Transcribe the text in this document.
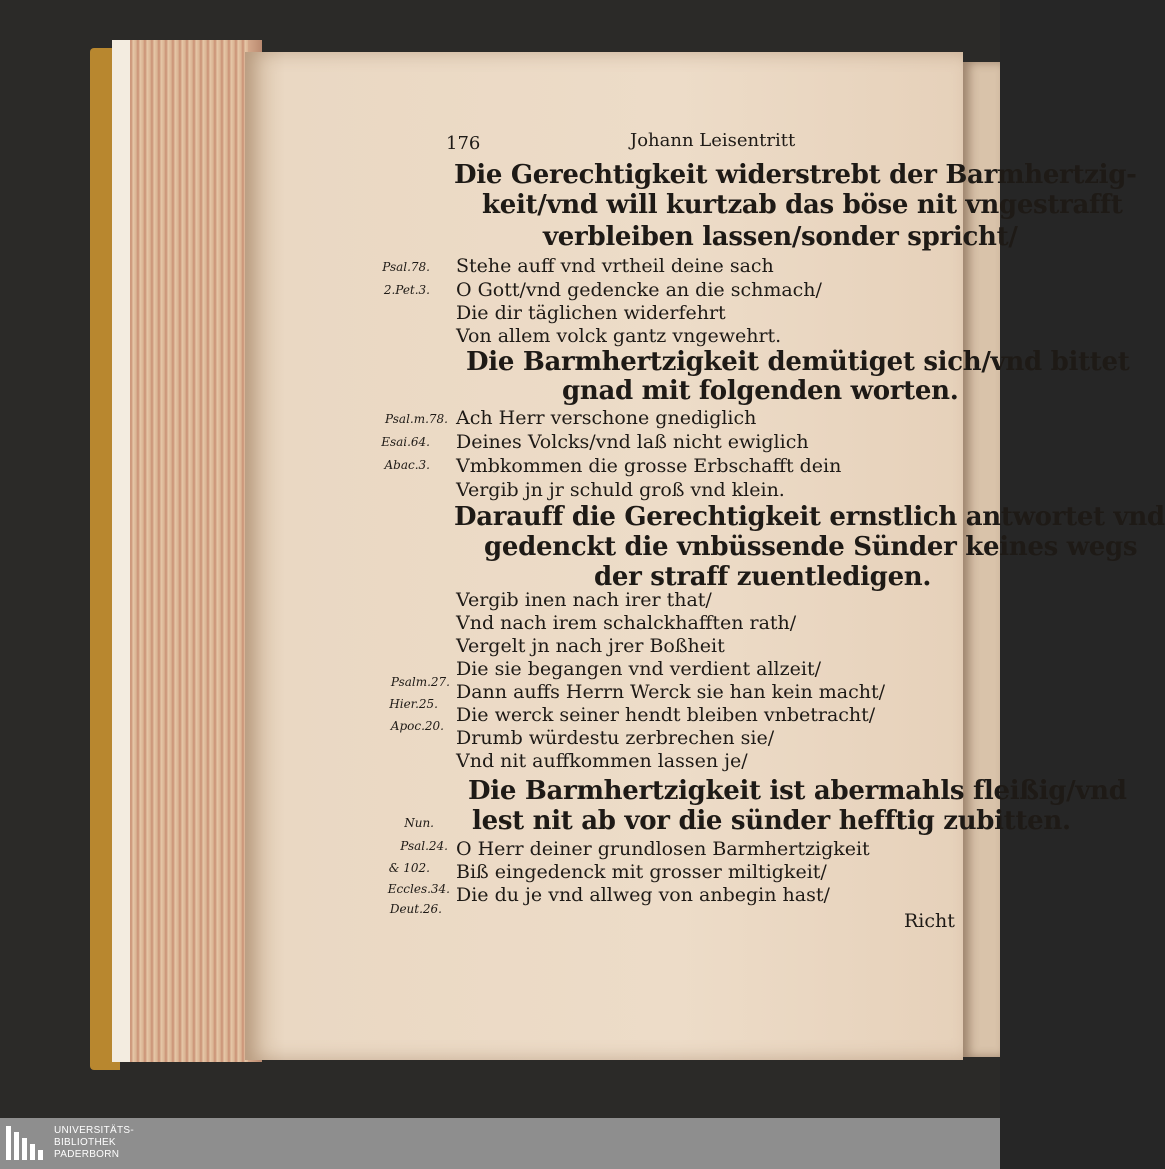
176	Johann Leisentritt
Die Gerechtigkeit widerstrebt der Barmhertzig-
keit/vnd will kurtzab das böse nit vngestrafft
verbleiben lassen/sonder spricht/
Stehe auff vnd vrtheil deine sach
O Gott/vnd gedencke an die schmach/
Die dir täglichen widerfehrt
Von allem volck gantz vngewehrt.
Die Barmhertzigkeit demütiget sich/vnd bittet
gnad mit folgenden worten.
Ach Herr verschone gnediglich
Deines Volcks/vnd laß nicht ewiglich
Vmbkommen die grosse Erbschafft dein
Vergib jn jr schuld groß vnd klein.
Darauff die Gerechtigkeit ernstlich antwortet vnd
gedenckt die vnbüssende Sünder keines wegs
der straff zuentledigen.
Vergib inen nach irer that/
Vnd nach irem schalckhafften rath/
Vergelt jn nach jrer Boßheit
Die sie begangen vnd verdient allzeit/
Dann auffs Herrn Werck sie han kein macht/
Die werck seiner hendt bleiben vnbetracht/
Drumb würdestu zerbrechen sie/
Vnd nit auffkommen lassen je/
Die Barmhertzigkeit ist abermahls fleißig/vnd
lest nit ab vor die sünder hefftig zubitten.
O Herr deiner grundlosen Barmhertzigkeit
Biß eingedenck mit grosser miltigkeit/
Die du je vnd allweg von anbegin hast/
Richt
Psal.78.
2.Pet.3.
Psal.m.78.
Esai.64.
Abac.3.
Psalm.27.
Hier.25.
Apoc.20.
Nun.
Psal.24.
& 102.
Eccles.34.
Deut.26.
UNIVERSITÄTS-
BIBLIOTHEK
PADERBORN
